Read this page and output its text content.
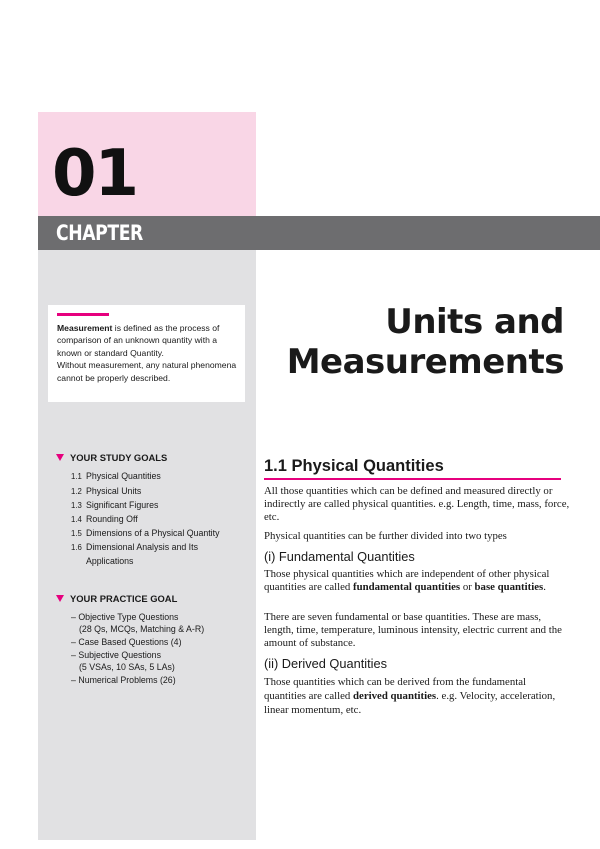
01
CHAPTER
Measurement is defined as the process of comparison of an unknown quantity with a known or standard Quantity.
Without measurement, any natural phenomena cannot be properly described.
YOUR STUDY GOALS
1.1 Physical Quantities
1.2 Physical Units
1.3 Significant Figures
1.4 Rounding Off
1.5 Dimensions of a Physical Quantity
1.6 Dimensional Analysis and Its
Applications
YOUR PRACTICE GOAL
– Objective Type Questions
(28 Qs, MCQs, Matching & A-R)
– Case Based Questions (4)
– Subjective Questions
(5 VSAs, 10 SAs, 5 LAs)
– Numerical Problems (26)
Units and
Measurements
1.1 Physical Quantities
All those quantities which can be defined and measured directly or indirectly are called physical quantities. e.g. Length, time, mass, force, etc.
Physical quantities can be further divided into two types
(i) Fundamental Quantities
Those physical quantities which are independent of other physical quantities are called fundamental quantities or base quantities.
There are seven fundamental or base quantities. These are mass, length, time, temperature, luminous intensity, electric current and the amount of substance.
(ii) Derived Quantities
Those quantities which can be derived from the fundamental quantities are called derived quantities. e.g. Velocity, acceleration, linear momentum, etc.
